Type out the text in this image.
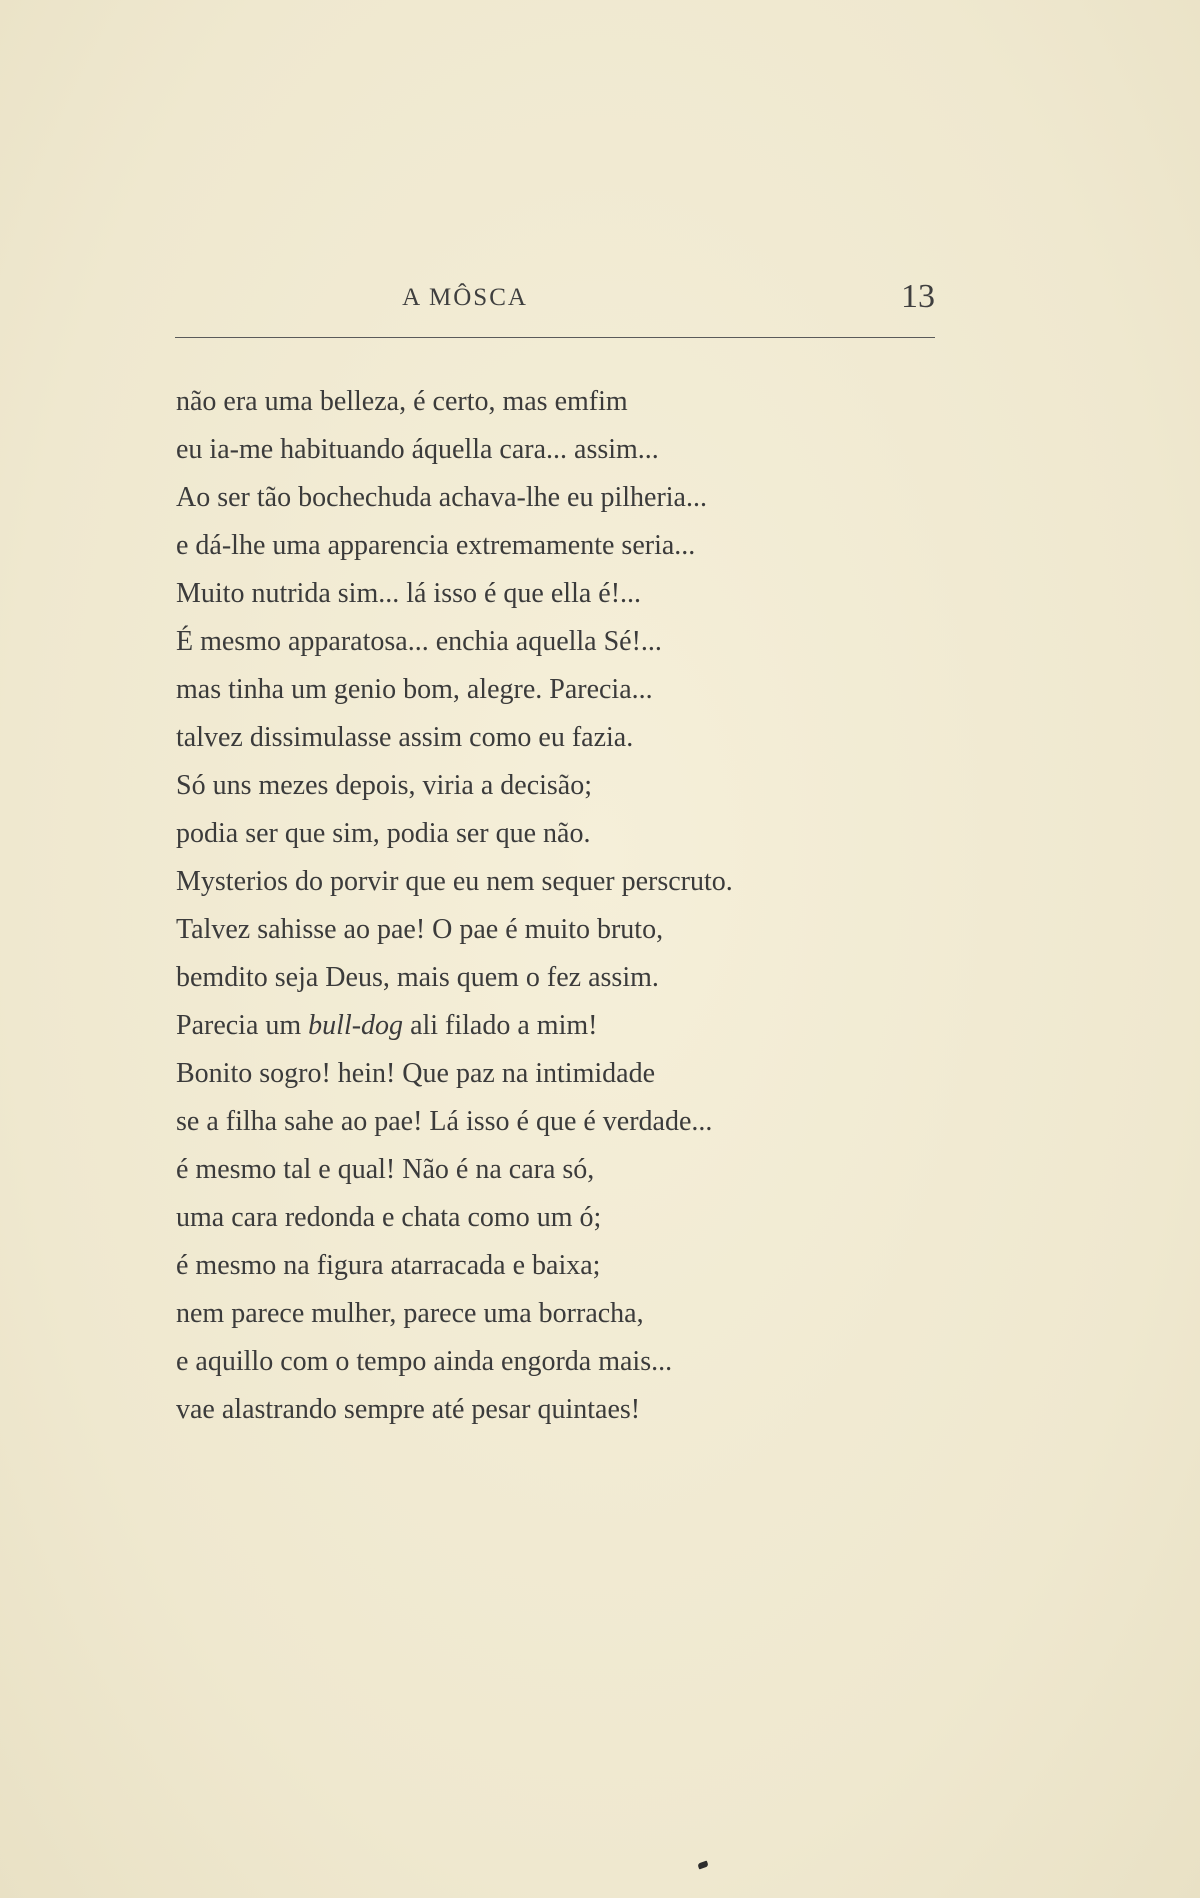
A MÔSCA	13
não era uma belleza, é certo, mas emfim
eu ia-me habituando áquella cara... assim...
Ao ser tão bochechuda achava-lhe eu pilheria...
e dá-lhe uma apparencia extremamente seria...
Muito nutrida sim... lá isso é que ella é!...
É mesmo apparatosa... enchia aquella Sé!...
mas tinha um genio bom, alegre. Parecia...
talvez dissimulasse assim como eu fazia.
Só uns mezes depois, viria a decisão;
podia ser que sim, podia ser que não.
Mysterios do porvir que eu nem sequer perscruto.
Talvez sahisse ao pae! O pae é muito bruto,
bemdito seja Deus, mais quem o fez assim.
Parecia um bull-dog ali filado a mim!
Bonito sogro! hein! Que paz na intimidade
se a filha sahe ao pae! Lá isso é que é verdade...
é mesmo tal e qual! Não é na cara só,
uma cara redonda e chata como um ó;
é mesmo na figura atarracada e baixa;
nem parece mulher, parece uma borracha,
e aquillo com o tempo ainda engorda mais...
vae alastrando sempre até pesar quintaes!
